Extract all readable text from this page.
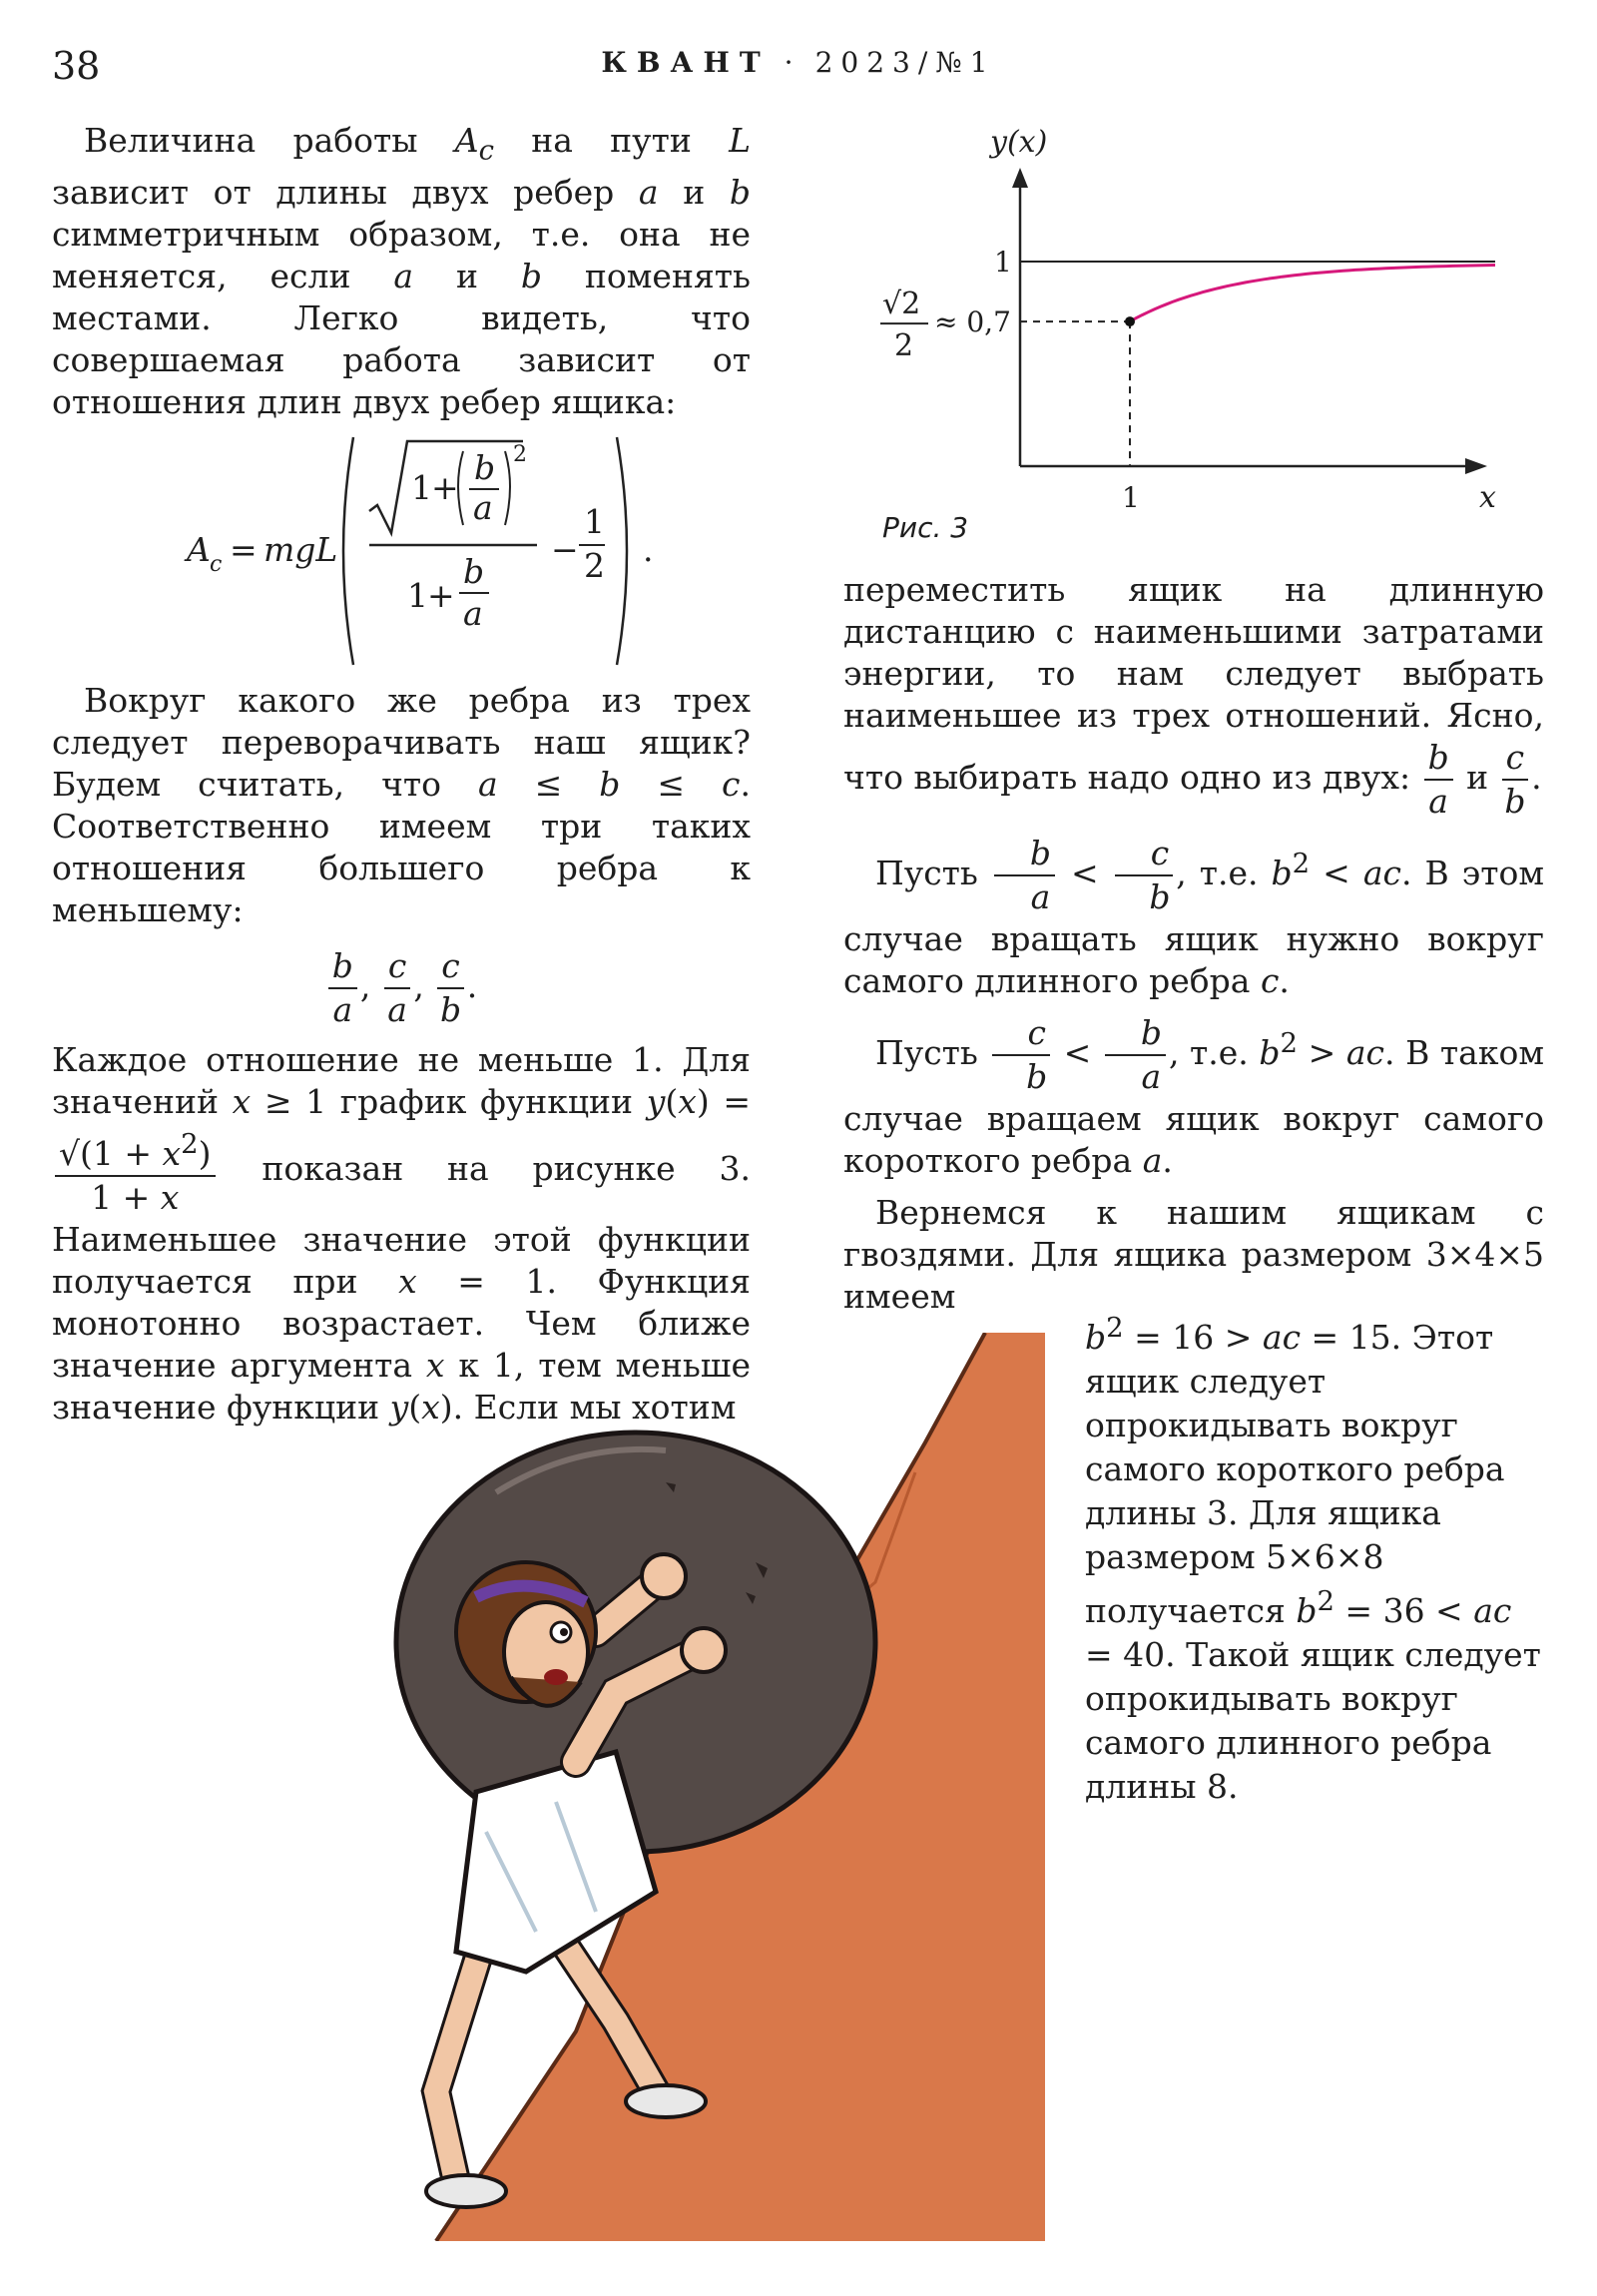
38	КВАНТ · 2023/№1

Величина работы $A_c$ на пути L зависит от длины двух ребер a и b симметричным образом, т.е. она не меняется, если a и b поменять местами. Легко видеть, что совершаемая работа зависит от отношения длин двух ребер ящика:

A c = mgL
1 +
b
a
2
1 +
b
a
−
1
2 .

Вокруг какого же ребра из трех следует переворачивать наш ящик? Будем считать, что a ≤ b ≤ c. Соответственно имеем три таких отношения большего ребра к меньшему:

$\frac{b}{a}$ , $\frac{c}{a}$ , $\frac{c}{b}$ .

Каждое отношение не меньше 1. Для значений x ≥ 1 график функции y(x) =
$\frac{√(1 + x^2)}{1 + x}$ показан на рисунке 3. Наименьшее значение этой функции получается при x = 1. Функция монотонно возрастает. Чем ближе значение аргумента x к 1, тем меньше значение функции y(x). Если мы хотим

y(x)
x
1
1
√2
2
≈ 0,7
Рис. 3

переместить ящик на длинную дистанцию с наименьшими затратами энергии, то нам следует выбрать наименьшее из трех отношений. Ясно, что выбирать надо одно из двух: $\frac{b}{a}$ и $\frac{c}{b}$ .

Пусть $\frac{b}{a} < \frac{c}{b}$ , т.е. $b^2$ < ac. В этом случае вращать ящик нужно вокруг самого длинного ребра c.

Пусть $\frac{c}{b} < \frac{b}{a}$ , т.е. $b^2$ > ac. В таком случае вращаем ящик вокруг самого короткого ребра a.

Вернемся к нашим ящикам с гвоздями. Для ящика размером 3×4×5 имеем

$b^2 = 16$ > ac = 15. Этот ящик следует опрокидывать вокруг самого короткого ребра длины 3. Для ящика размером 5×6×8 получается $b^2 = 36$ < ac = 40. Такой ящик следует опрокидывать вокруг самого длинного ребра длины 8.
